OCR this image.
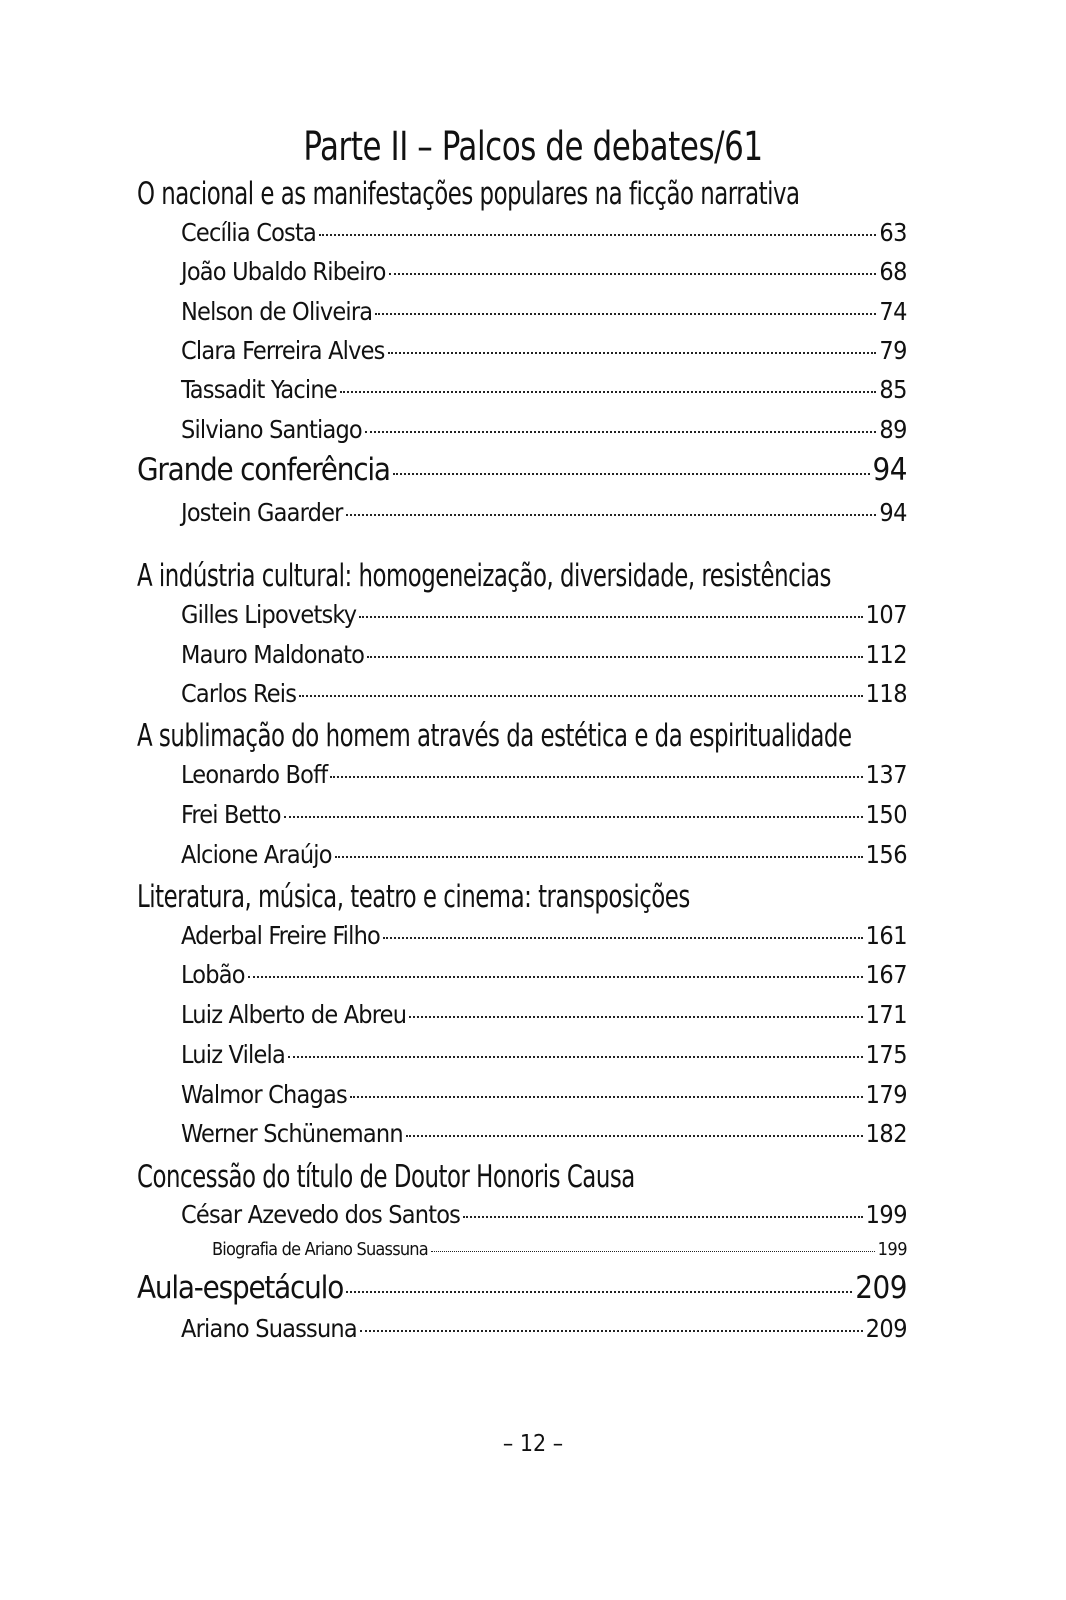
Parte II – Palcos de debates/61
O nacional e as manifestações populares na ficção narrativa
Cecília Costa	63
João Ubaldo Ribeiro	68
Nelson de Oliveira	74
Clara Ferreira Alves	79
Tassadit Yacine	85
Silviano Santiago	89
Grande conferência	94
Jostein Gaarder	94
A indústria cultural: homogeneização, diversidade, resistências
Gilles Lipovetsky	107
Mauro Maldonato	112
Carlos Reis	118
A sublimação do homem através da estética e da espiritualidade
Leonardo Boff	137
Frei Betto	150
Alcione Araújo	156
Literatura, música, teatro e cinema: transposições
Aderbal Freire Filho	161
Lobão	167
Luiz Alberto de Abreu	171
Luiz Vilela	175
Walmor Chagas	179
Werner Schünemann	182
Concessão do título de Doutor Honoris Causa
César Azevedo dos Santos	199
Biografia de Ariano Suassuna	199
Aula-espetáculo	209
Ariano Suassuna	209
– 12 –
